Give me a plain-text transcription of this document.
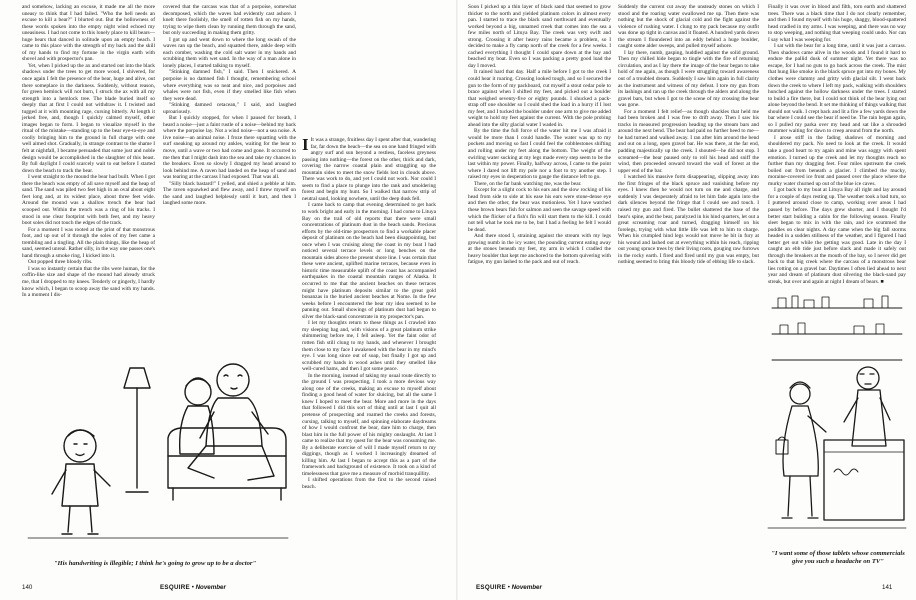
and somehow, lacking an excuse, it made me all the more uneasy to think that I had failed. "Who the hell needs an excuse to kill a bear?" I blurted out. But the hollowness of these words spoken into the empty night wind echoed my uneasiness. I had not come to this lonely place to kill bears—huge bears that danced in solitude upon an empty beach. I came to this place with the strength of my back and the skill of my hands to find my fortune in the virgin earth with shovel and with prospector's pan.

Yet, when I picked up the ax and started out into the black shadows under the trees to get more wood, I shivered, for once again I felt the presence of the bear, huge and alive, out there someplace in the darkness. Suddenly, without reason, for green hemlock will not burn, I struck the ax with all my strength into a hemlock tree. The blade buried itself so deeply that at first I could not withdraw it. I twisted and tugged at it with mounting rage, cursing bitterly. At length it jerked free, and, though I quickly calmed myself, other images began to form. I began to visualize myself in the ritual of the mistake—standing up to the bear eye-to-eye and coolly bringing him to the ground in full charge with one well aimed shot. Gradually, in strange contrast to the shame I felt at nightfall, I became persuaded that some just and noble design would be accomplished in the slaughter of this beast. By full daylight I could scarcely wait to eat before I started down the beach to track the bear.

I went straight to the mound the bear had built. When I got there the beach was empty of all save myself and the heap of sand. The sand was piled two feet high in an oval about eight feet long and, at its widest place, about three feet wide. Around the mound was a shallow trench the bear had scooped out. Within the trench was a ring of his tracks. I stood in one clear footprint with both feet, and my heavy boot soles did not touch the edges of the track.

For a moment I was rooted at the print of that monstrous foot, and up out of it through the soles of my feet came a trembling and a tingling. All the plain things, like the heap of sand, seemed unreal. Rather silly, in the way one passes one's hand through a smoke ring, I kicked into it.

Out popped three bloody ribs.

I was so instantly certain that the ribs were human, for the coffin-like size and shape of the mound had already struck me, that I dropped to my knees. Tenderly or gingerly, I hardly know which, I began to scoop away the sand with my hands. In a moment I dis-

covered that the carcass was that of a porpoise, somewhat decomposed, which the waves had evidently cast ashore. I knelt there foolishly, the smell of rotten fish on my hands, trying to wipe them clean by running them through the sand, but only succeeding in making them gritty.

I got up and went down to where the long swash of the waves ran up the beach, and squatted there, ankle deep with each comber, washing the cold salt water in my hands and scrubbing them with wet sand. In the way of a man alone in lonely places, I started talking to myself.

"Stinking damned fish," I said. Then I snickered. A porpoise is no damned fish I thought, remembering school where everything was so neat and nice, and porpoises and whales were not fish, even if they smelled like fish when they were dead.

"Stinking damned cetacean," I said, and laughed uproariously.

But I quickly stopped, for when I paused for breath, I heard a noise—just a faint rustle of a noise—behind my back where the porpoise lay. Not a wind noise—not a sea noise. A live noise—an animal noise. I froze there squatting with the surf sneaking up around my ankles, waiting for the bear to move, until a wave or two had come and gone. It occurred to me then that I might dash into the sea and take my chances in the breakers. Even so slowly I dragged my head around to look behind me. A raven had landed on the heap of sand and was tearing at the carcass I had exposed. That was all.

"Silly black bastard!" I yelled, and shied a pebble at him. The raven squawked and flew away, and I threw myself on the sand and laughed helplessly until it hurt, and then I laughed some more.

I It was a strange, fruitless day I spent after that, wandering far, far down the beach—the sea on one hand fringed with angry surf and sun beyond a restless, faceless greyness passing into nothing—the forest on the other, thick and dark, covering the narrow coastal plain and straggling up the mountain sides to meet the snow fields lost in clouds above. There was work to do, and yet I could not work. Nor could I seem to find a place to plunge into the rank and smoldering forest and begin my hunt. So I walked that narrow strip of neutral sand, looking nowhere, until the deep dusk fell.

I came back to camp that evening determined to get back to work bright and early in the morning. I had come to Lituya Bay on the trail of old reports that there were small concentrations of platinum dust in the beach sands. Precious efforts by the old-time prospectors to find a workable placer deposit of platinum on the beach had been disappointing, but once when I was cruising along the coast in my boat I had noticed several terrace levels or long benches on the mountain sides above the present shore line. I was certain that these were ancient, uplifted marine terraces, because even in historic time measurable uplift of the coast has accompanied earthquakes in the coastal mountain ranges of Alaska. It occurred to me that the ancient beaches on these terraces might have platinum deposits similar to the great gold bonanzas in the buried ancient beaches at Nome. In the few weeks before I encountered the bear my idea seemed to be panning out. Small showings of platinum dust had begun to silver the black-sand concentrate in my prospector's pan.

I let my thoughts return to these things as I crawled into my sleeping bag and, with visions of a great platinum strike shimmering before me, I fell asleep. Yet the faint odor of rotten fish still clung to my hands, and whenever I brought them close to my face I awakened with the bear in my mind's eye. I was long since out of soap, but finally I got up and scrubbed my hands in wood ashes until they smelled like well-cured hams, and then I got some peace.

In the morning, instead of taking my usual route directly to the ground I was prospecting, I took a more devious way along one of the creeks, making an excuse to myself about finding a good head of water for sluicing, but all the same I knew I hoped to meet the bear. More and more in the days that followed I did this sort of thing until at last I quit all pretense of prospecting and roamed the creeks and forests, cursing, talking to myself, and spinning elaborate daydreams of how I would confront the bear, dare him to charge, then blast him in the full power of his mighty onslaught. At last I came to realize that my quest for the bear was consuming me. By a deliberate exercise of will I made myself return to my diggings, though as I worked I increasingly dreamed of killing him. At last I began to accept this as a part of the framework and background of existence. It took on a kind of timelessness that gave me a measure of morbid tranquillity.

I shifted operations from the first to the second raised beach.

"His handwriting is illegible; I think he's going to grow up to be a doctor"
140	ESQUIRE • November

Soon I picked up a thin layer of black sand that seemed to grow thicker to the north and yielded platinum colors in almost every pan. I started to trace the black sand northward and eventually worked beyond a big, unnamed creek that comes into the sea a few miles north of Lituya Bay. The creek was very swift and strong. Crossing it after heavy rains became a problem, so I decided to make a fly camp north of the creek for a few weeks. I cached everything I thought I could spare down at the bay and beached my boat. Even so I was packing a pretty good load the day I moved.

It rained hard that day. Half a mile before I got to the creek I could hear it roaring. Crossing looked tough, and so I secured the gun to the form of my packboard, cut myself a stout cedar pole to brace against when I shifted my feet, and picked out a boulder that weighed seventy-five or eighty pounds. I shucked a pack-strap off one shoulder so I could shed the load in a hurry if I lost my feet, and I tucked the boulder under one arm to give me added weight to hold my feet against the current. With the pole probing ahead into the silty glacial water I waded in.

By the time the full force of the water hit me I was afraid it would be more than I could handle. The water was up to my pockets and moving so fast I could feel the cobblestones shifting and rolling under my feet along the bottom. The weight of the swirling water sucking at my legs made every step seem to be the last within my power. Finally, halfway across, I came to the point where I dared not lift my pole nor a foot to try another step. I raised my eyes in desperation to gauge the distance left to go.

There, on the far bank watching me, was the bear.

Except for a slight cock to his ears and the slow rocking of his head from side to side at his ease his ears were stone-dense eye and then the other, the bear was motionless. Yet I have watched these brown bears fish for salmon and seen the savage speed with which the flicker of a fish's fin will start them to the kill. I could not tell what he took me to be, but I had a feeling he felt I would be dead.

And there stood I, straining against the stream with my legs growing numb in the icy water, the pounding current eating away at the stones beneath my feet, my arm in which I cradled the heavy boulder that kept me anchored to the bottom quivering with fatigue, my gun lashed to the pack and out of reach.

Suddenly the current cut away the unsteady stones on which I stood and the roaring water swallowed me up. Then there was nothing but the shock of glacial cold and the fight against the violence of rushing water. I clung to my pack because my outfit was done up tight in canvas and it floated. A hundred yards down the stream I floundered into an eddy behind a huge boulder, caught some alder sweeps, and pulled myself ashore.

I lay there, numb, gasping, huddled against the solid ground. Then my chilled hide began to tingle with the fire of returning circulation, and as I lay there the image of the bear began to take hold of me again, as though I were struggling toward awareness out of a troubled dream. Suddenly I saw him again in full clarity as the instrument and witness of my defeat. I tore my gun from its lashings and ran up the creek through the alders and along the gravel bars, but when I got to the scene of my crossing the bear was gone.

For a moment I felt relief—as though shackles that held me had been broken and I was free to drift away. Then I saw his tracks in measured progression heading up the stream bars and around the next bend. The bear had paid no further heed to me—he had turned and walked away. I ran after him around the bend and out on a long, open gravel bar. He was there, at the far end, padding majestically up the creek. I shouted—he did not stop. I screamed—the bear paused only to roll his head and sniff the wind, then proceeded onward toward the wall of forest at the upper end of the bar.

I watched his massive form disappearing, slipping away into the first fringes of the black spruce and vanishing before my eyes. I knew then he would not turn on me and charge, and suddenly I was desperately afraid to let him fade again into the dark silences beyond the fringe that I could see and touch. I raised my gun and fired. The bullet shattered the base of the bear's spine, and the bear, paralyzed in his hind quarters, let out a great screaming roar and turned, dragging himself on his forelegs, trying with what little life was left to him to charge. When his crumpled hind legs would not move he bit in fury at his wound and lashed out at everything within his reach, ripping out young spruce trees by their living roots, gouging raw furrows in the rocky earth. I fired and fired until my gun was empty, but nothing seemed to bring this bloody tide of ebbing life to slack.

Finally it was over in blood and filth, torn earth and shattered trees. There was a black time that I do not clearly remember, and then I found myself with his huge, shaggy, blood-spattered head cradled in my arms. I was weeping, and there was no way to stop weeping, and nothing that weeping could undo. Nor can I say what I was weeping for.

I sat with the bear for a long time, until it was just a carcass. Then shadows came alive in the woods and I found it hard to endure the pallid dusk of summer night. Yet there was no escape, for I had no guts to go back across the creek. The mist that hung like smoke in the black spruce got into my bones. My clothes were clammy and gritty with glacial silt. I went back down the creek to where I left my pack, walking with shoulders hunched against the hollow darkness under the trees. I started to build a fire there, but I could not think of the bear lying out alone beyond the bend. It set me thinking of things walking that should not walk. I crept back and lit a fire a few yards down the bar where I could see the bear if need be. The rain began again, so I pulled my parka over my head and sat like a shrouded mummer waiting for dawn to creep around from the north.

I arose stiff in the fading shadows of morning and shouldered my pack. No need to look at the creek. It would take a good heart to try again and mine was soggy with spent emotion. I turned up the creek and let my thoughts reach no further than my dragging feet. Four miles upstream the creek boiled out from beneath a glacier. I climbed the mucky, moraine-covered ice front and passed over the place where the murky water churned up out of the blue ice caves.

I got back to my boat at Lituya Bay all right and lay around for a couple of days resting up. The weather took a bad turn, so I puttered around close to camp, working over areas I had passed by before. The days grew shorter, and I thought I'd better start building a cabin for the following season. Finally sleet began to mix in with the rain, and ice scummed the puddles on clear nights. A day came when the big fall storms headed in a sudden stillness of the weather, and I figured I had better get out while the getting was good. Late in the day I caught an ebb tide just before slack and made it safely out through the breakers at the mouth of the bay, so I never did get back to that big creek where the carcass of a monstrous bear lies rotting on a gravel bar. Daytimes I often lied ahead to next year and dream of platinum dust silvering the black-sand pay streak, but over and again at night I dream of bears. ■

"I want some of those tablets whose commercials give you such a headache on TV"
ESQUIRE • November	141
